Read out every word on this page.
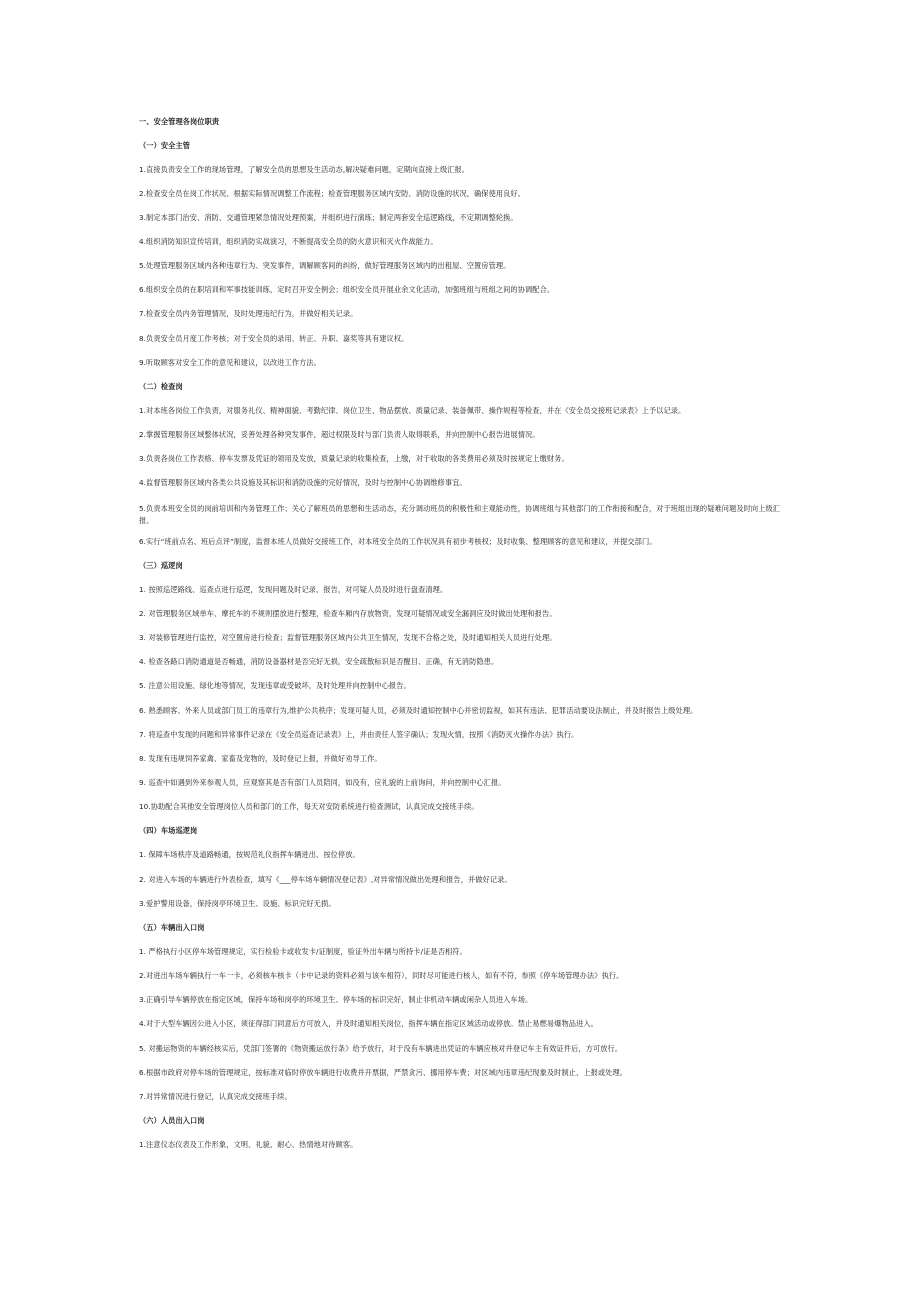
一、安全管理各岗位职责
（一）安全主管
1.直接负责安全工作的现场管理，了解安全员的思想及生活动态,解决疑难问题，定期向直接上级汇报。
2.检查安全员在岗工作状况、根据实际情况调整工作流程；检查管理服务区域内安防、消防设施的状况，确保使用良好。
3.制定本部门治安、消防、交通管理紧急情况处理预案，并组织进行演练；制定两套安全巡逻路线，不定期调整轮换。
4.组织消防知识宣传培训，组织消防实战演习，不断提高安全员的防火意识和灭火作战能力。
5.处理管理服务区域内各种违章行为、突发事件，调解顾客间的纠纷，做好管理服务区域内的出租屋、空置房管理。
6.组织安全员的在职培训和军事技能训练，定时召开安全例会；组织安全员开展业余文化活动，加强班组与班组之间的协调配合。
7.检查安全员内务管理情况，及时处理违纪行为，并做好相关记录。
8.负责安全员月度工作考核；对于安全员的录用、转正、升职、嘉奖等具有建议权。
9.听取顾客对安全工作的意见和建议，以改进工作方法。
（二）检查岗
1.对本班各岗位工作负责，对服务礼仪、精神面貌、考勤纪律、岗位卫生、物品摆放、质量记录、装备佩带、操作规程等检查，并在《安全员交接班记录表》上予以记录。
2.掌握管理服务区域整体状况，妥善处理各种突发事件，超过权限及时与部门负责人取得联系，并向控制中心报告进展情况。
3.负责各岗位工作表格、停车发票及凭证的领用及发放，质量记录的收集检查，上缴，对于收取的各类费用必须及时按规定上缴财务。
4.监督管理服务区域内各类公共设施及其标识和消防设施的完好情况，及时与控制中心协调维修事宜。
5.负责本班安全员的岗前培训和内务管理工作；关心了解班员的思想和生活动态，充分调动班员的积极性和主观能动性，协调班组与其他部门的工作衔接和配合，对于班组出现的疑难问题及时向上级汇报。
6.实行“班前点名、班后点评”制度，监督本班人员做好交接班工作，对本班安全员的工作状况具有初步考核权；及时收集、整理顾客的意见和建议，并提交部门。
（三）巡逻岗
1. 按照巡逻路线、巡查点进行巡逻，发现问题及时记录、报告，对可疑人员及时进行盘查清理。
2. 对管理服务区域单车、摩托车的不规则摆放进行整理，检查车厢内存放物资，发现可疑情况或安全漏洞应及时做出处理和报告。
3. 对装修管理进行监控，对空置房进行检查；监督管理服务区域内公共卫生情况，发现不合格之处，及时通知相关人员进行处理。
4. 检查各路口消防通道是否畅通，消防设备器材是否完好无损，安全疏散标识是否醒目、正确，有无消防隐患。
5. 注意公用设施、绿化地等情况，发现违章或受破坏，及时处理并向控制中心报告。
6. 熟悉顾客、外来人员或部门员工的违章行为,维护公共秩序；发现可疑人员，必须及时通知控制中心并密切监视，如其有违法、犯罪活动要设法制止，并及时报告上级处理。
7. 将巡查中发现的问题和异常事件记录在《安全员巡查记录表》上，并由责任人签字确认；发现火情，按照《消防灭火操作办法》执行。
8. 发现有违规饲养家禽、家畜及宠物的，及时登记上报，并做好劝导工作。
9. 巡查中如遇到外来参观人员，应观察其是否有部门人员陪同，如没有，应礼貌的上前询问，并向控制中心汇报。
10.协助配合其他安全管理岗位人员和部门的工作，每天对安防系统进行检查测试，认真完成交接班手续。
（四）车场巡逻岗
1. 保障车场秩序及道路畅通，按规范礼仪指挥车辆进出、按位停放。
2. 对进入车场的车辆进行外表检查，填写《___停车场车辆情况登记表》,对异常情况做出处理和报告，并做好记录。
3.爱护警用设备，保持岗亭环境卫生、设施、标识完好无损。
（五）车辆出入口岗
1. 严格执行小区停车场管理规定，实行检验卡或收发卡/证制度，验证外出车辆与所持卡/证是否相符。
2.对进出车场车辆执行一车一卡，必须核车核卡（卡中记录的资料必须与该车相符），同时尽可能进行核人，如有不符，参照《停车场管理办法》执行。
3.正确引导车辆停放在指定区域，保持车场和岗亭的环境卫生、停车场的标识完好，制止非机动车辆或闲杂人员进入车场。
4.对于大型车辆因公进入小区，须征得部门同意后方可放入，并及时通知相关岗位，指挥车辆在指定区域活动或停放。禁止易燃易爆物品进入。
5. 对搬运物资的车辆经核实后，凭部门签署的《物资搬运放行条》给予放行，对于没有车辆进出凭证的车辆应核对并登记车主有效证件后，方可放行。
6.根据市政府对停车场的管理规定，按标准对临时停放车辆进行收费并开票据，严禁贪污、挪用停车费；对区域内违章违纪现象及时制止、上报或处理。
7.对异常情况进行登记，认真完成交接班手续。
（六）人员出入口岗
1.注意仪态仪表及工作形象，文明、礼貌、耐心、热情地对待顾客。
